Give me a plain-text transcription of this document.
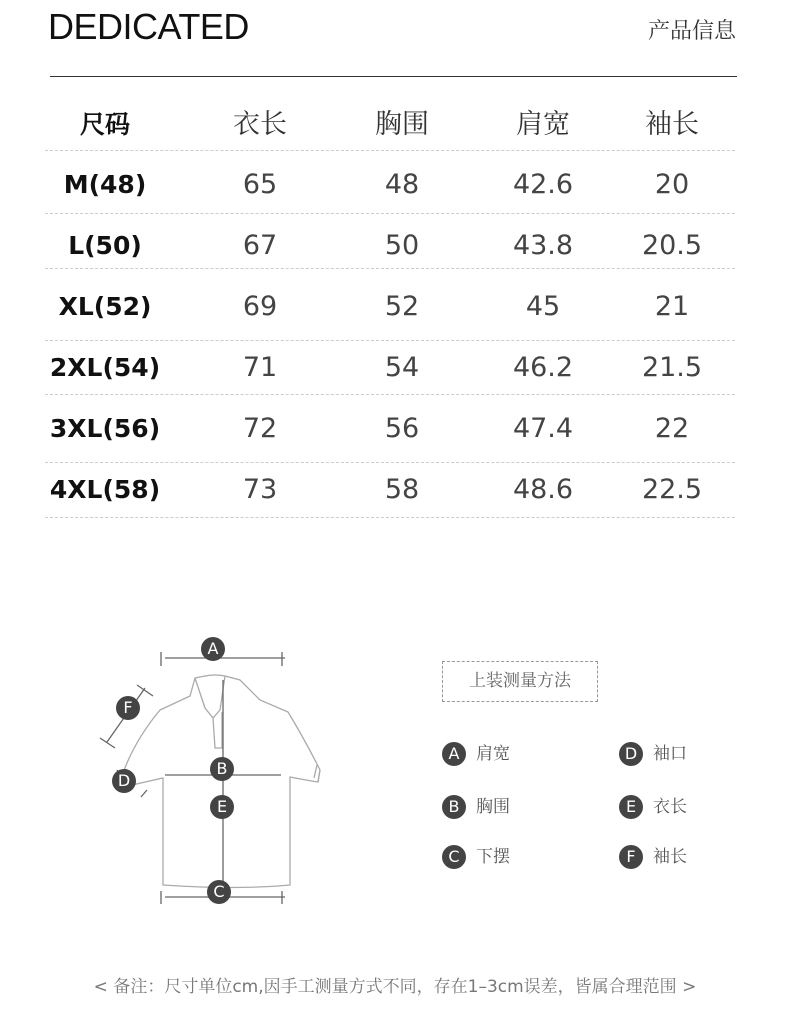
DEDICATED	产品信息
尺码	衣长	胸围	肩宽	袖长
M(48)	65	48	42.6	20
L(50)	67	50	43.8	20.5
XL(52)	69	52	45	21
2XL(54)	71	54	46.2	21.5
3XL(56)	72	56	47.4	22
4XL(58)	73	58	48.6	22.5
A
B
C
D
E
F
上装测量方法
A 肩宽	D 袖口
B 胸围	E 衣长
C 下摆	F 袖长
< 备注：尺寸单位cm,因手工测量方式不同，存在1–3cm误差，皆属合理范围 >
